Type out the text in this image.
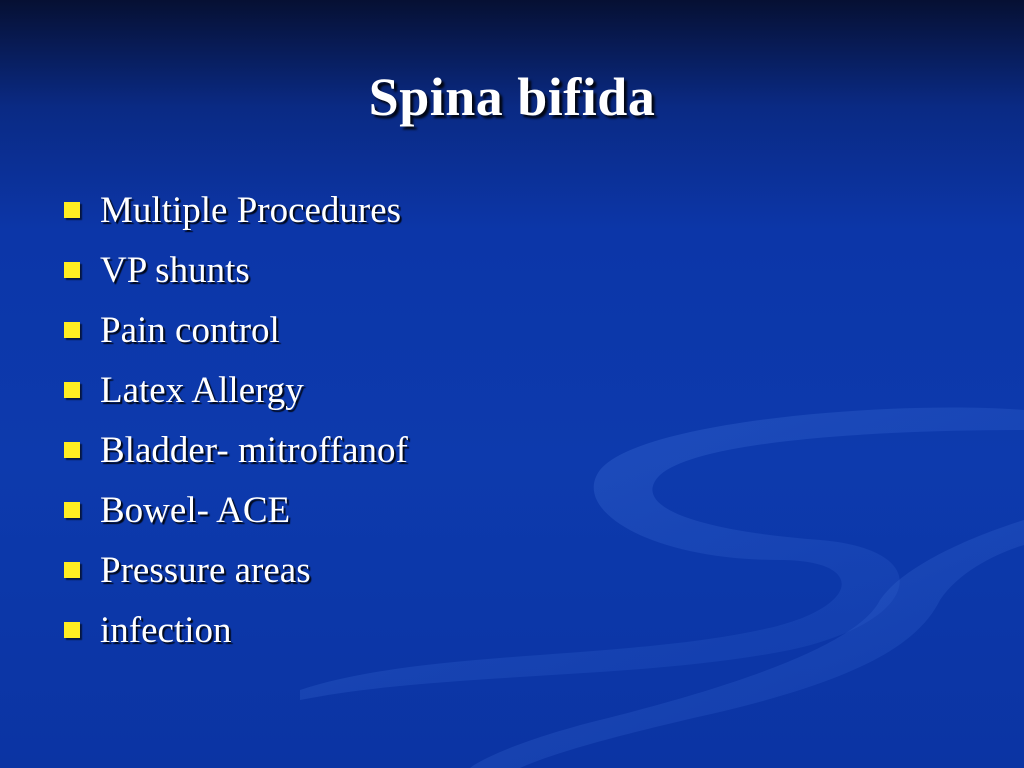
Spina bifida
Multiple Procedures
VP shunts
Pain control
Latex Allergy
Bladder- mitroffanof
Bowel- ACE
Pressure areas
infection
